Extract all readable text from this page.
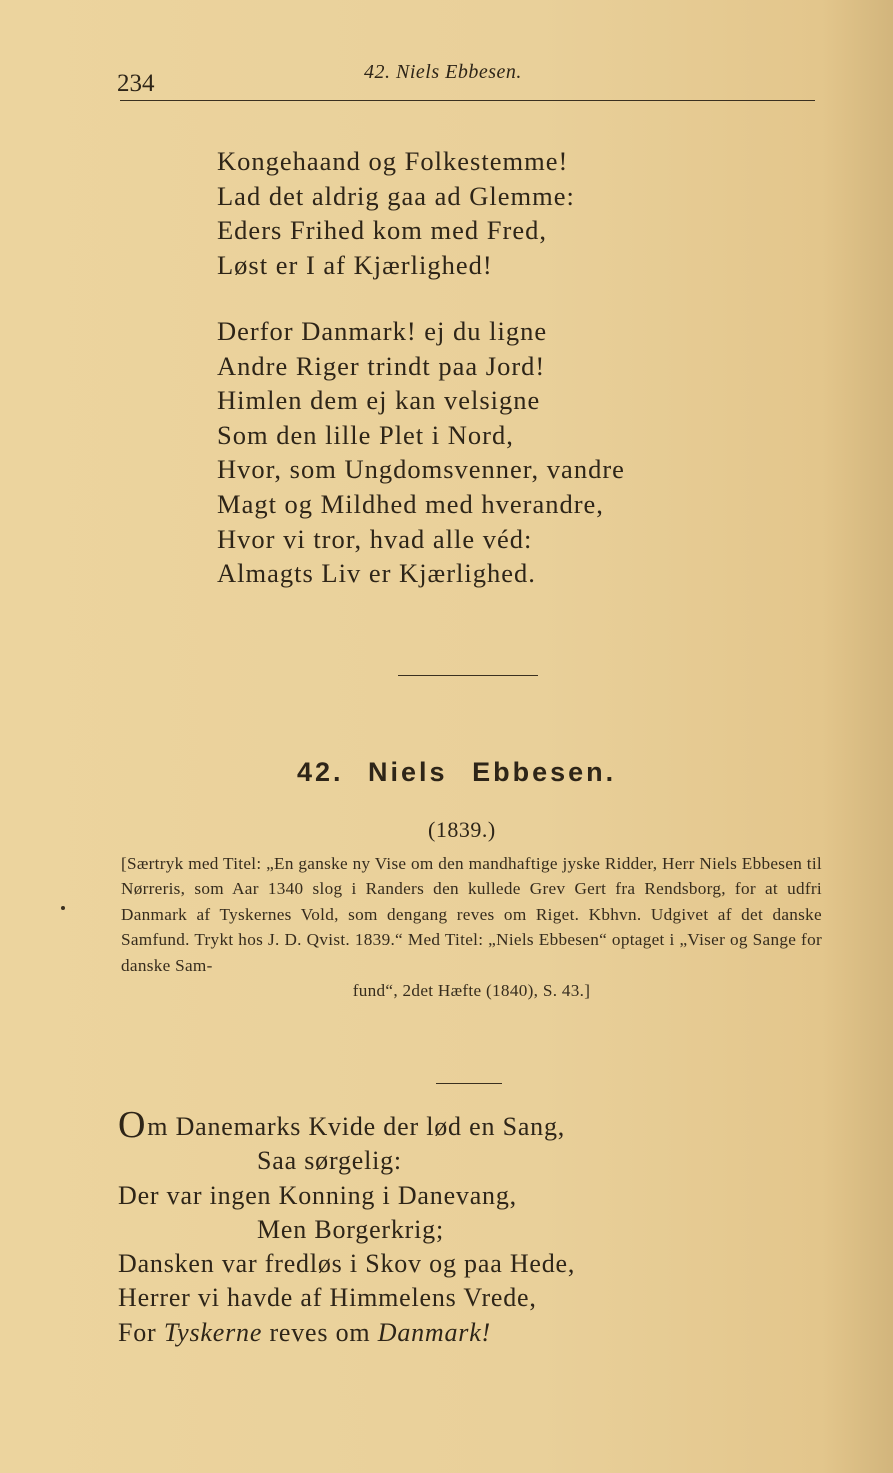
234	42. Niels Ebbesen.
Kongehaand og Folkestemme!
Lad det aldrig gaa ad Glemme:
Eders Frihed kom med Fred,
Løst er I af Kjærlighed!
Derfor Danmark! ej du ligne
Andre Riger trindt paa Jord!
Himlen dem ej kan velsigne
Som den lille Plet i Nord,
Hvor, som Ungdomsvenner, vandre
Magt og Mildhed med hverandre,
Hvor vi tror, hvad alle véd:
Almagts Liv er Kjærlighed.
42. Niels Ebbesen.
(1839.)
[Særtryk med Titel: „En ganske ny Vise om den mandhaftige jyske Ridder, Herr Niels Ebbesen til Nørreris, som Aar 1340 slog i Randers den kullede Grev Gert fra Rendsborg, for at udfri Danmark af Tyskernes Vold, som dengang reves om Riget. Kbhvn. Udgivet af det danske Samfund. Trykt hos J. D. Qvist. 1839.“ Med Titel: „Niels Ebbesen“ optaget i „Viser og Sange for danske Sam-
fund“, 2det Hæfte (1840), S. 43.]
Om Danemarks Kvide der lød en Sang,
Saa sørgelig:
Der var ingen Konning i Danevang,
Men Borgerkrig;
Dansken var fredløs i Skov og paa Hede,
Herrer vi havde af Himmelens Vrede,
For Tyskerne reves om Danmark!
